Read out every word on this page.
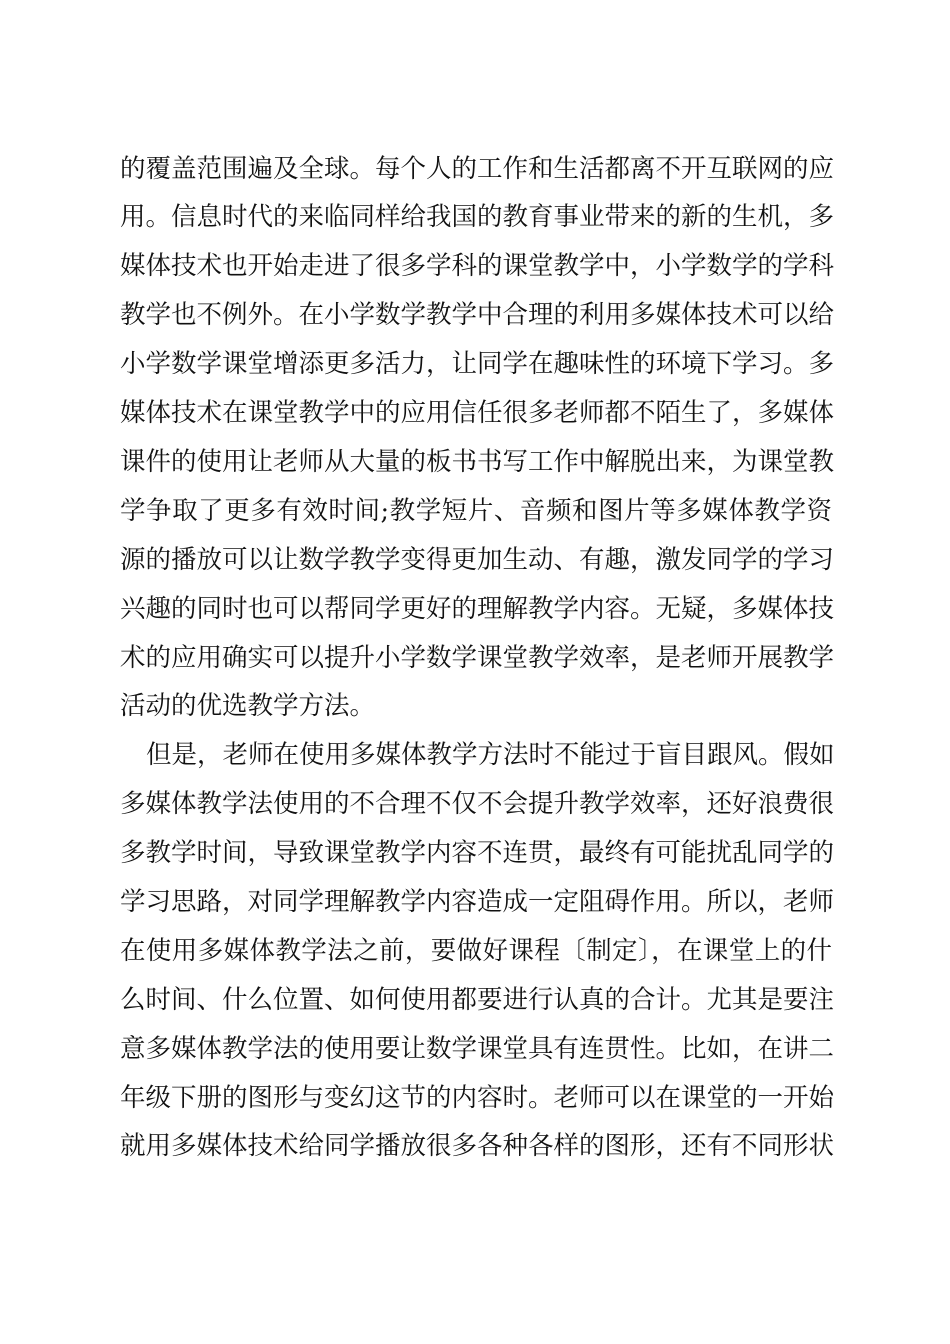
的覆盖范围遍及全球。每个人的工作和生活都离不开互联网的应
用。信息时代的来临同样给我国的教育事业带来的新的生机，多
媒体技术也开始走进了很多学科的课堂教学中，小学数学的学科
教学也不例外。在小学数学教学中合理的利用多媒体技术可以给
小学数学课堂增添更多活力，让同学在趣味性的环境下学习。多
媒体技术在课堂教学中的应用信任很多老师都不陌生了，多媒体
课件的使用让老师从大量的板书书写工作中解脱出来，为课堂教
学争取了更多有效时间;教学短片、音频和图片等多媒体教学资
源的播放可以让数学教学变得更加生动、有趣，激发同学的学习
兴趣的同时也可以帮同学更好的理解教学内容。无疑，多媒体技
术的应用确实可以提升小学数学课堂教学效率，是老师开展教学
活动的优选教学方法。
但是，老师在使用多媒体教学方法时不能过于盲目跟风。假如
多媒体教学法使用的不合理不仅不会提升教学效率，还好浪费很
多教学时间，导致课堂教学内容不连贯，最终有可能扰乱同学的
学习思路，对同学理解教学内容造成一定阻碍作用。所以，老师
在使用多媒体教学法之前，要做好课程〔制定〕，在课堂上的什
么时间、什么位置、如何使用都要进行认真的合计。尤其是要注
意多媒体教学法的使用要让数学课堂具有连贯性。比如，在讲二
年级下册的图形与变幻这节的内容时。老师可以在课堂的一开始
就用多媒体技术给同学播放很多各种各样的图形，还有不同形状
